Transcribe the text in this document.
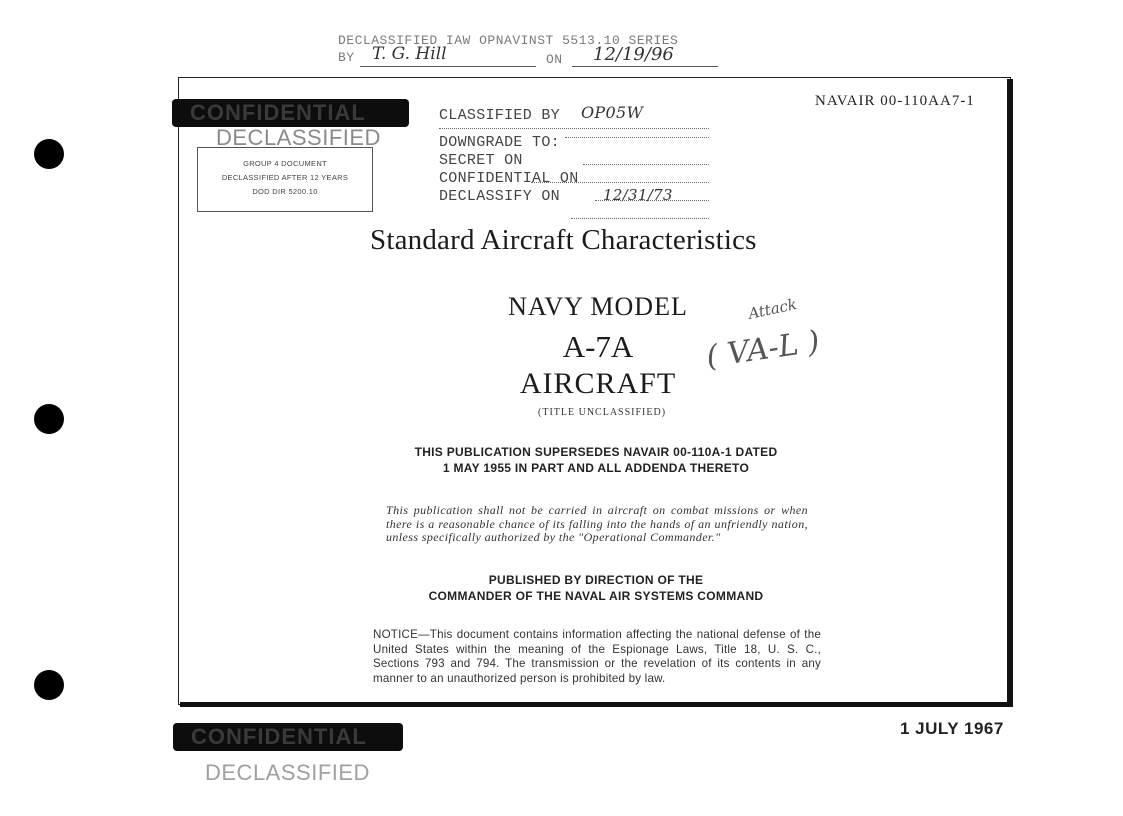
DECLASSIFIED IAW OPNAVINST 5513.10 SERIES
BY T. G. Hill	ON 12/19/96
CONFIDENTIAL
DECLASSIFIED
GROUP 4 DOCUMENT
DECLASSIFIED AFTER 12 YEARS
DOD DIR 5200.10
NAVAIR 00-110AA7-1
CLASSIFIED BY OP05W
DOWNGRADE TO:
SECRET ON
CONFIDENTIAL ON
DECLASSIFY ON	12/31/73
Standard Aircraft Characteristics
NAVY MODEL
A-7A
AIRCRAFT
(TITLE UNCLASSIFIED)
Attack
( VA-L )
THIS PUBLICATION SUPERSEDES NAVAIR 00-110A-1 DATED
1 MAY 1955 IN PART AND ALL ADDENDA THERETO
This publication shall not be carried in aircraft on combat missions or when there is a reasonable chance of its falling into the hands of an unfriendly nation, unless specifically authorized by the "Operational Commander."
PUBLISHED BY DIRECTION OF THE
COMMANDER OF THE NAVAL AIR SYSTEMS COMMAND
NOTICE—This document contains information affecting the national defense of the United States within the meaning of the Espionage Laws, Title 18, U. S. C., Sections 793 and 794. The transmission or the revelation of its contents in any manner to an unauthorized person is prohibited by law.
CONFIDENTIAL
DECLASSIFIED
1 JULY 1967
